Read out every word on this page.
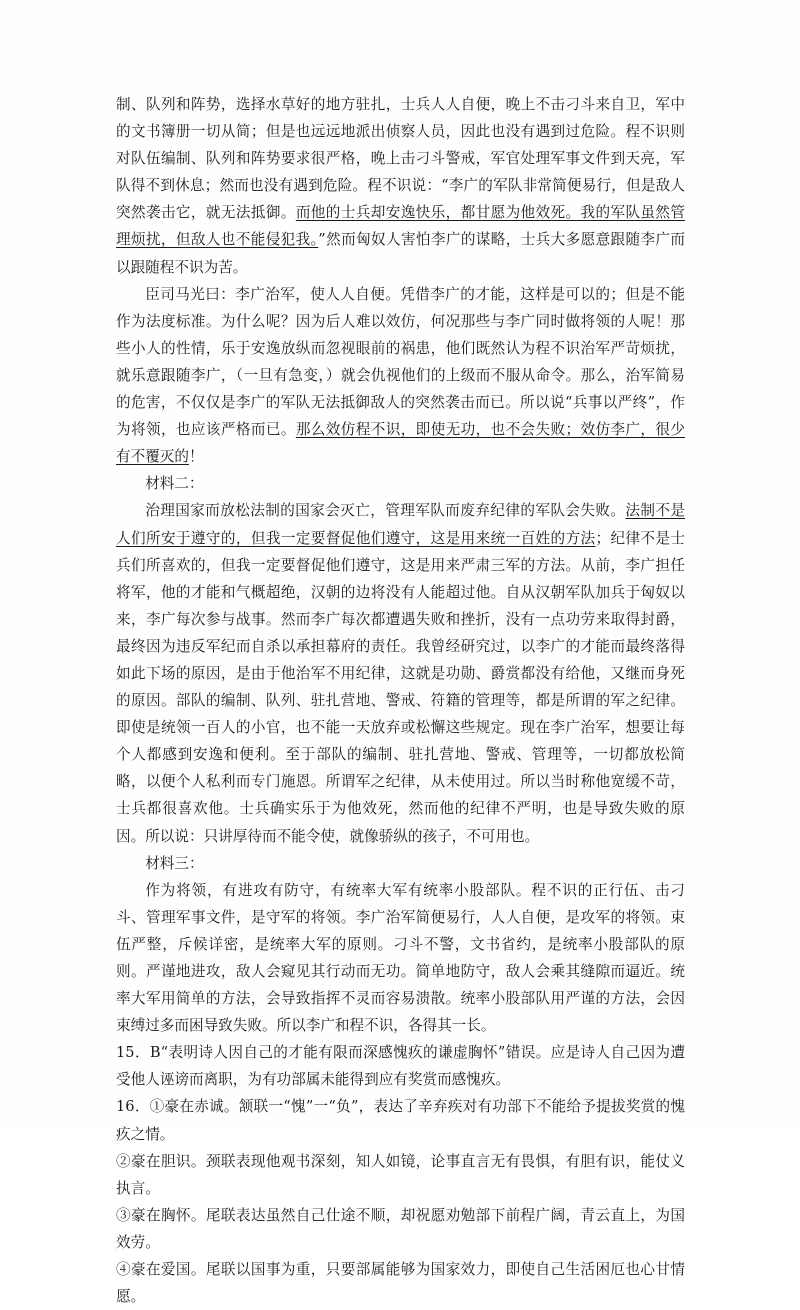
制、队列和阵势，选择水草好的地方驻扎，士兵人人自便，晚上不击刁斗来自卫，军中的文书簿册一切从简；但是也远远地派出侦察人员，因此也没有遇到过危险。程不识则对队伍编制、队列和阵势要求很严格，晚上击刁斗警戒，军官处理军事文件到天亮，军队得不到休息；然而也没有遇到危险。程不识说：“李广的军队非常简便易行，但是敌人突然袭击它，就无法抵御。而他的士兵却安逸快乐，都甘愿为他效死。我的军队虽然管理烦扰，但敌人也不能侵犯我。”然而匈奴人害怕李广的谋略，士兵大多愿意跟随李广而以跟随程不识为苦。

臣司马光曰：李广治军，使人人自便。凭借李广的才能，这样是可以的；但是不能作为法度标准。为什么呢？因为后人难以效仿，何况那些与李广同时做将领的人呢！那些小人的性情，乐于安逸放纵而忽视眼前的祸患，他们既然认为程不识治军严苛烦扰，就乐意跟随李广，（一旦有急变，）就会仇视他们的上级而不服从命令。那么，治军简易的危害，不仅仅是李广的军队无法抵御敌人的突然袭击而已。所以说“兵事以严终”，作为将领，也应该严格而已。那么效仿程不识，即使无功，也不会失败；效仿李广，很少有不覆灭的！

材料二：

治理国家而放松法制的国家会灭亡，管理军队而废弃纪律的军队会失败。法制不是人们所安于遵守的，但我一定要督促他们遵守，这是用来统一百姓的方法；纪律不是士兵们所喜欢的，但我一定要督促他们遵守，这是用来严肃三军的方法。从前，李广担任将军，他的才能和气概超绝，汉朝的边将没有人能超过他。自从汉朝军队加兵于匈奴以来，李广每次参与战事。然而李广每次都遭遇失败和挫折，没有一点功劳来取得封爵，最终因为违反军纪而自杀以承担幕府的责任。我曾经研究过，以李广的才能而最终落得如此下场的原因，是由于他治军不用纪律，这就是功勋、爵赏都没有给他，又继而身死的原因。部队的编制、队列、驻扎营地、警戒、符籍的管理等，都是所谓的军之纪律。即使是统领一百人的小官，也不能一天放弃或松懈这些规定。现在李广治军，想要让每个人都感到安逸和便利。至于部队的编制、驻扎营地、警戒、管理等，一切都放松简略，以便个人私利而专门施恩。所谓军之纪律，从未使用过。所以当时称他宽缓不苛，士兵都很喜欢他。士兵确实乐于为他效死，然而他的纪律不严明，也是导致失败的原因。所以说：只讲厚待而不能令使，就像骄纵的孩子，不可用也。

材料三：

作为将领，有进攻有防守，有统率大军有统率小股部队。程不识的正行伍、击刁斗、管理军事文件，是守军的将领。李广治军简便易行，人人自便，是攻军的将领。束伍严整，斥候详密，是统率大军的原则。刁斗不警，文书省约，是统率小股部队的原则。严谨地进攻，敌人会窥见其行动而无功。简单地防守，敌人会乘其缝隙而逼近。统率大军用简单的方法，会导致指挥不灵而容易溃散。统率小股部队用严谨的方法，会因束缚过多而困导致失败。所以李广和程不识，各得其一长。

15．B“表明诗人因自己的才能有限而深感愧疚的谦虚胸怀”错误。应是诗人自己因为遭受他人诬谤而离职，为有功部属未能得到应有奖赏而感愧疚。

16．①豪在赤诚。颔联一“愧”一“负”，表达了辛弃疾对有功部下不能给予提拔奖赏的愧疚之情。

②豪在胆识。颈联表现他观书深刻，知人如镜，论事直言无有畏惧，有胆有识，能仗义执言。

③豪在胸怀。尾联表达虽然自己仕途不顺，却祝愿劝勉部下前程广阔，青云直上，为国效劳。

④豪在爱国。尾联以国事为重，只要部属能够为国家效力，即使自己生活困厄也心甘情愿。
